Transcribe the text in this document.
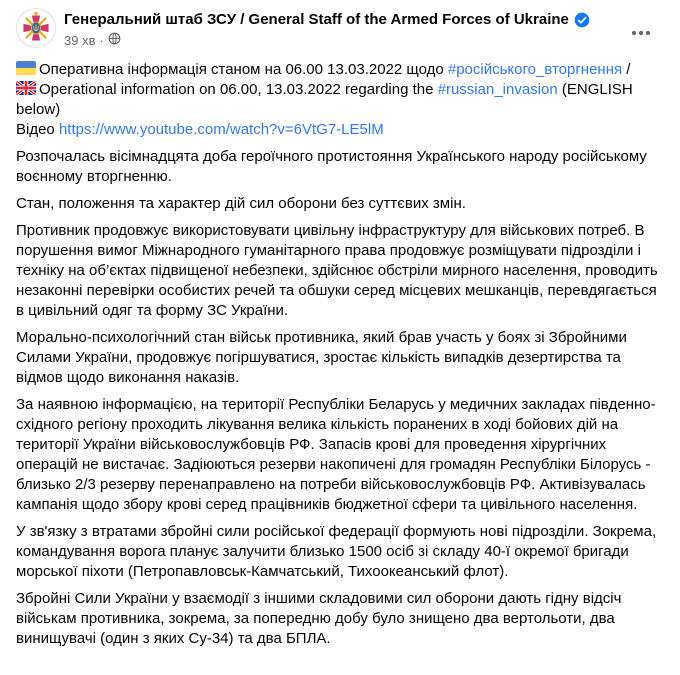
Генеральний штаб ЗСУ / General Staff of the Armed Forces of Ukraine
39 хв ·

Оперативна інформація станом на 06.00 13.03.2022 щодо #російського_вторгнення /

Operational information on 06.00, 13.03.2022 regarding the #russian_invasion (ENGLISH below)
Відео https://www.youtube.com/watch?v=6VtG7-LE5lM

Розпочалась вісімнадцята доба героїчного протистояння Українського народу російському воєнному вторгненню.

Стан, положення та характер дій сил оборони без суттєвих змін.

Противник продовжує використовувати цивільну інфраструктуру для військових потреб. В порушення вимог Міжнародного гуманітарного права продовжує розміщувати підрозділи і техніку на об’єктах підвищеної небезпеки, здійснює обстріли мирного населення, проводить незаконні перевірки особистих речей та обшуки серед місцевих мешканців, перевдягається в цивільний одяг та форму ЗС України.

Морально-психологічний стан військ противника, який брав участь у боях зі Збройними Силами України, продовжує погіршуватися, зростає кількість випадків дезертирства та відмов щодо виконання наказів.

За наявною інформацією, на території Республіки Беларусь у медичних закладах південно-східного регіону проходить лікування велика кількість поранених в ході бойових дій на території України військовослужбовців РФ. Запасів крові для проведення хірургічних операцій не вистачає. Задіюються резерви накопичені для громадян Республіки Білорусь - близько 2/3 резерву перенаправлено на потреби військовослужбовців РФ. Активізувалась кампанія щодо збору крові серед працівників бюджетної сфери та цивільного населення.

У зв'язку з втратами збройні сили російської федерації формують нові підрозділи. Зокрема, командування ворога планує залучити близько 1500 осіб зі складу 40-ї окремої бригади морської піхоти (Петропавловськ-Камчатський, Тихоокеанський флот).

Збройні Сили України у взаємодії з іншими складовими сил оборони дають гідну відсіч військам противника, зокрема, за попередню добу було знищено два вертольоти, два винищувачі (один з яких Су-34) та два БПЛА.
